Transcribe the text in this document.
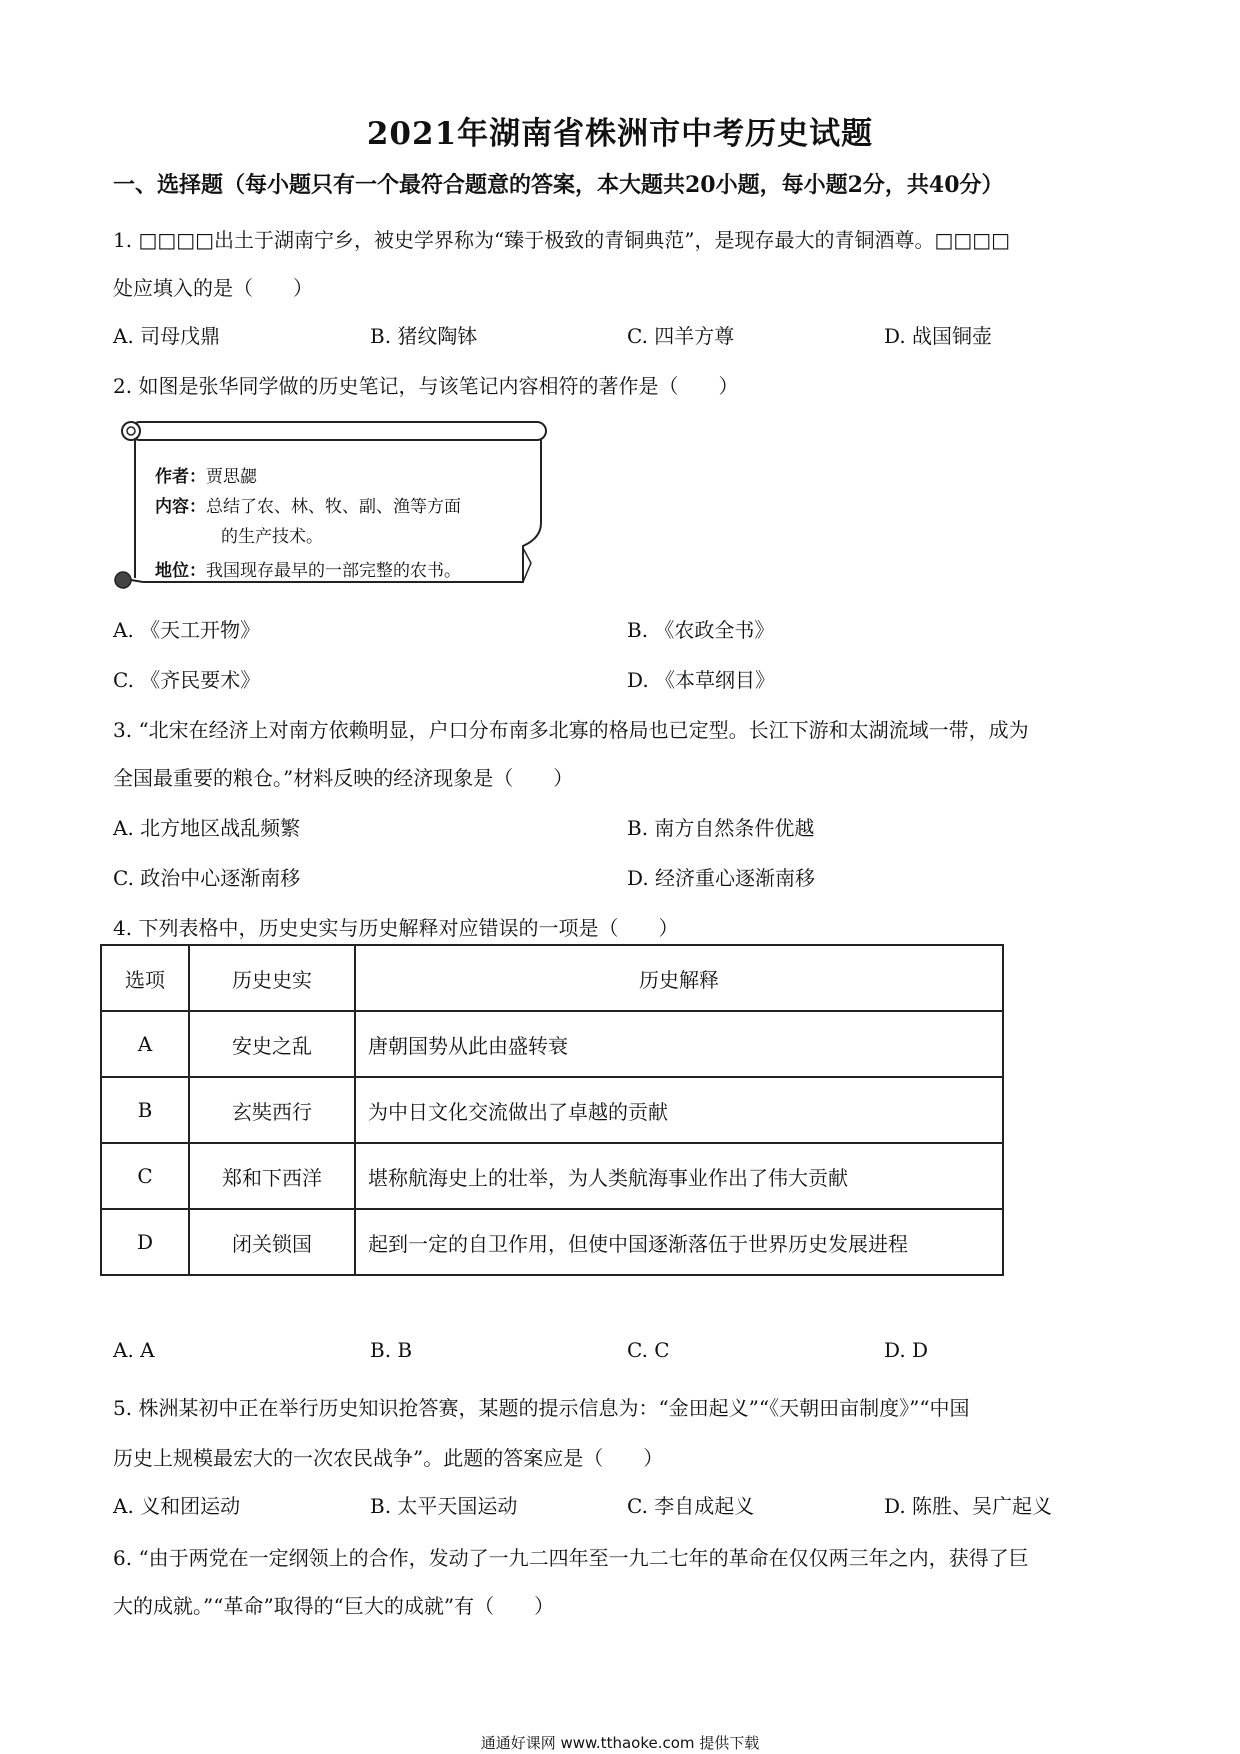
2021年湖南省株洲市中考历史试题
一、选择题（每小题只有一个最符合题意的答案，本大题共20小题，每小题2分，共40分）
1. □□□□出土于湖南宁乡，被史学界称为“臻于极致的青铜典范”，是现存最大的青铜酒尊。□□□□
处应填入的是（　　）
A. 司母戊鼎	B. 猪纹陶钵	C. 四羊方尊	D. 战国铜壶
2. 如图是张华同学做的历史笔记，与该笔记内容相符的著作是（　　）
作者：贾思勰
内容：总结了农、林、牧、副、渔等方面
的生产技术。
地位：我国现存最早的一部完整的农书。
A. 《天工开物》	B. 《农政全书》
C. 《齐民要术》	D. 《本草纲目》
3. “北宋在经济上对南方依赖明显，户口分布南多北寡的格局也已定型。长江下游和太湖流域一带，成为
全国最重要的粮仓。”材料反映的经济现象是（　　）
A. 北方地区战乱频繁	B. 南方自然条件优越
C. 政治中心逐渐南移	D. 经济重心逐渐南移
4. 下列表格中，历史史实与历史解释对应错误的一项是（　　）
选项	历史史实	历史解释
A	安史之乱	唐朝国势从此由盛转衰
B	玄奘西行	为中日文化交流做出了卓越的贡献
C	郑和下西洋	堪称航海史上的壮举，为人类航海事业作出了伟大贡献
D	闭关锁国	起到一定的自卫作用，但使中国逐渐落伍于世界历史发展进程
A. A	B. B	C. C	D. D
5. 株洲某初中正在举行历史知识抢答赛，某题的提示信息为：“金田起义”“《天朝田亩制度》”“中国
历史上规模最宏大的一次农民战争”。此题的答案应是（　　）
A. 义和团运动	B. 太平天国运动	C. 李自成起义	D. 陈胜、吴广起义
6. “由于两党在一定纲领上的合作，发动了一九二四年至一九二七年的革命在仅仅两三年之内，获得了巨
大的成就。”“革命”取得的“巨大的成就”有（　　）
通通好课网 www.tthaoke.com 提供下载
